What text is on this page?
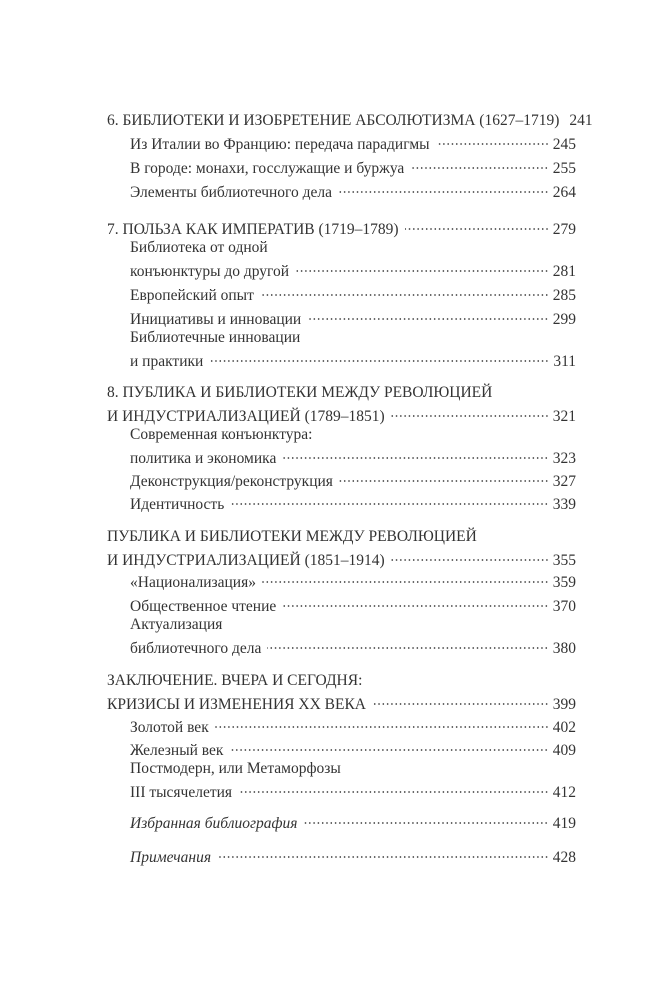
6. БИБЛИОТЕКИ И ИЗОБРЕТЕНИЕ АБСОЛЮТИЗМА (1627–1719) 241
Из Италии во Францию: передача парадигмы	245
В городе: монахи, госслужащие и буржуа	255
Элементы библиотечного дела	264
7. ПОЛЬЗА КАК ИМПЕРАТИВ (1719–1789)	279
Библиотека от одной
конъюнктуры до другой	281
Европейский опыт	285
Инициативы и инновации	299
Библиотечные инновации
и практики	311
8. ПУБЛИКА И БИБЛИОТЕКИ МЕЖДУ РЕВОЛЮЦИЕЙ
И ИНДУСТРИАЛИЗАЦИЕЙ (1789–1851)	321
Современная конъюнктура:
политика и экономика	323
Деконструкция/реконструкция	327
Идентичность	339
ПУБЛИКА И БИБЛИОТЕКИ МЕЖДУ РЕВОЛЮЦИЕЙ
И ИНДУСТРИАЛИЗАЦИЕЙ (1851–1914)	355
«Национализация»	359
Общественное чтение	370
Актуализация
библиотечного дела	380
ЗАКЛЮЧЕНИЕ. ВЧЕРА И СЕГОДНЯ:
КРИЗИСЫ И ИЗМЕНЕНИЯ XX ВЕКА	399
Золотой век	402
Железный век	409
Постмодерн, или Метаморфозы
III тысячелетия	412
Избранная библиография	419
Примечания	428
